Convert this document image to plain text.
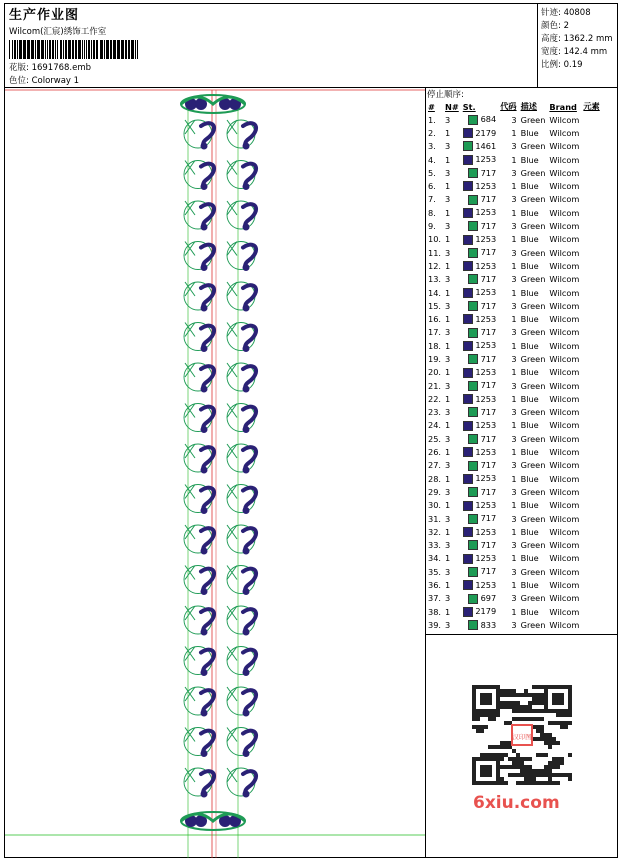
生产作业图
Wilcom(汇宸)绣饰工作室
花版: 1691768.emb
色位: Colorway 1
针迹: 40808
颜色: 2
高度: 1362.2 mm
宽度: 142.4 mm
比例: 0.19
停止顺序:
#	N#	St.	代码	描述	Brand	元素
1.	3	684	3	Green	Wilcom	
2.	1	2179	1	Blue	Wilcom	
3.	3	1461	3	Green	Wilcom	
4.	1	1253	1	Blue	Wilcom	
5.	3	717	3	Green	Wilcom	
6.	1	1253	1	Blue	Wilcom	
7.	3	717	3	Green	Wilcom	
8.	1	1253	1	Blue	Wilcom	
9.	3	717	3	Green	Wilcom	
10.	1	1253	1	Blue	Wilcom	
11.	3	717	3	Green	Wilcom	
12.	1	1253	1	Blue	Wilcom	
13.	3	717	3	Green	Wilcom	
14.	1	1253	1	Blue	Wilcom	
15.	3	717	3	Green	Wilcom	
16.	1	1253	1	Blue	Wilcom	
17.	3	717	3	Green	Wilcom	
18.	1	1253	1	Blue	Wilcom	
19.	3	717	3	Green	Wilcom	
20.	1	1253	1	Blue	Wilcom	
21.	3	717	3	Green	Wilcom	
22.	1	1253	1	Blue	Wilcom	
23.	3	717	3	Green	Wilcom	
24.	1	1253	1	Blue	Wilcom	
25.	3	717	3	Green	Wilcom	
26.	1	1253	1	Blue	Wilcom	
27.	3	717	3	Green	Wilcom	
28.	1	1253	1	Blue	Wilcom	
29.	3	717	3	Green	Wilcom	
30.	1	1253	1	Blue	Wilcom	
31.	3	717	3	Green	Wilcom	
32.	1	1253	1	Blue	Wilcom	
33.	3	717	3	Green	Wilcom	
34.	1	1253	1	Blue	Wilcom	
35.	3	717	3	Green	Wilcom	
36.	1	1253	1	Blue	Wilcom	
37.	3	697	3	Green	Wilcom	
38.	1	2179	1	Blue	Wilcom	
39.	3	833	3	Green	Wilcom	
汉印图
6xiu.com
